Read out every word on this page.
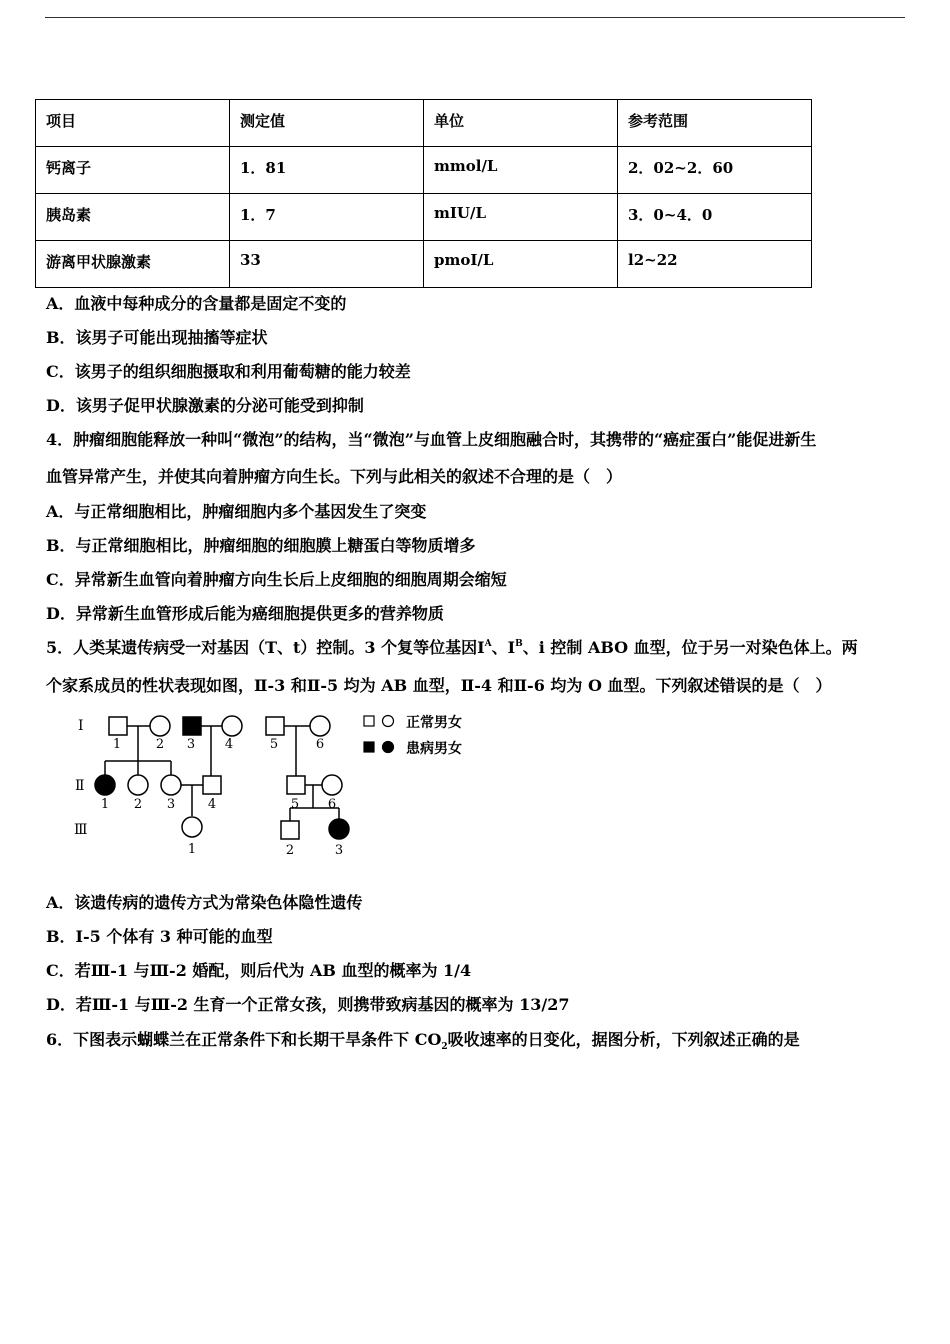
项目	测定值	单位	参考范围
钙离子	1．81	mmol/L	2．02~2．60
胰岛素	1．7	mIU/L	3．0~4．0
游离甲状腺激素	33	pmoI/L	l2~22
A．血液中每种成分的含量都是固定不变的
B．该男子可能出现抽搐等症状
C．该男子的组织细胞摄取和利用葡萄糖的能力较差
D．该男子促甲状腺激素的分泌可能受到抑制
4．肿瘤细胞能释放一种叫“微泡”的结构，当“微泡”与血管上皮细胞融合时，其携带的“癌症蛋白”能促进新生
血管异常产生，并使其向着肿瘤方向生长。下列与此相关的叙述不合理的是（　）
A．与正常细胞相比，肿瘤细胞内多个基因发生了突变
B．与正常细胞相比，肿瘤细胞的细胞膜上糖蛋白等物质增多
C．异常新生血管向着肿瘤方向生长后上皮细胞的细胞周期会缩短
D．异常新生血管形成后能为癌细胞提供更多的营养物质
5．人类某遗传病受一对基因（T、t）控制。3 个复等位基因Ⅰ$^A$、Ⅰ$^B$、i 控制 ABO 血型，位于另一对染色体上。两
个家系成员的性状表现如图，Ⅱ-3 和Ⅱ-5 均为 AB 血型，Ⅱ-4 和Ⅱ-6 均为 O 血型。下列叙述错误的是（　）
Ⅰ
Ⅱ
Ⅲ
1	2 3 4	5	6
1 2 3	4	5 6
1	2	3
正常男女
患病男女
A．该遗传病的遗传方式为常染色体隐性遗传
B．Ⅰ-5 个体有 3 种可能的血型
C．若Ⅲ-1 与Ⅲ-2 婚配，则后代为 AB 血型的概率为 1/4
D．若Ⅲ-1 与Ⅲ-2 生育一个正常女孩，则携带致病基因的概率为 13/27
6．下图表示蝴蝶兰在正常条件下和长期干旱条件下 $CO_2$吸收速率的日变化，据图分析，下列叙述正确的是
